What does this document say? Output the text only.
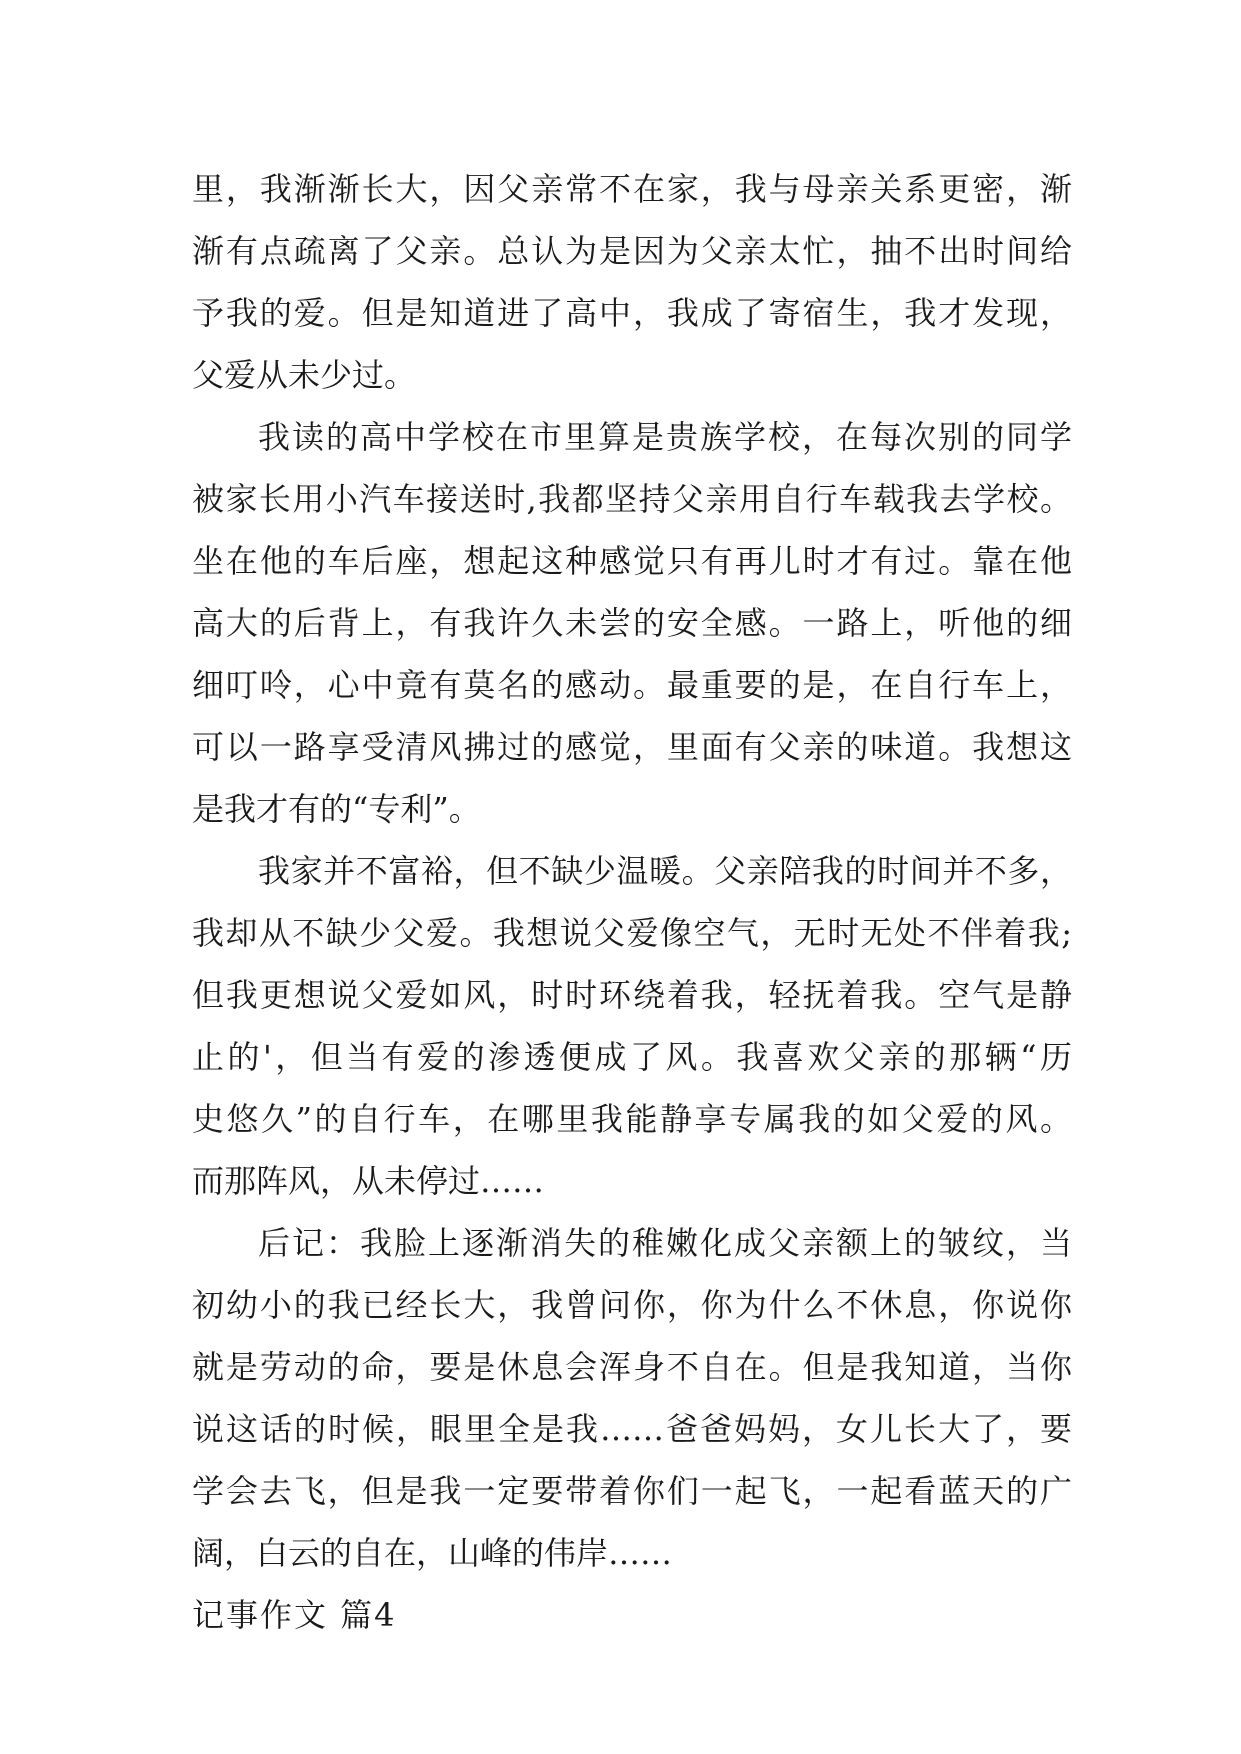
里，我渐渐长大，因父亲常不在家，我与母亲关系更密，渐
渐有点疏离了父亲。总认为是因为父亲太忙，抽不出时间给
予我的爱。但是知道进了高中，我成了寄宿生，我才发现，
父爱从未少过。
我读的高中学校在市里算是贵族学校，在每次别的同学
被家长用小汽车接送时,我都坚持父亲用自行车载我去学校。
坐在他的车后座，想起这种感觉只有再儿时才有过。靠在他
高大的后背上，有我许久未尝的安全感。一路上，听他的细
细叮呤，心中竟有莫名的感动。最重要的是，在自行车上，
可以一路享受清风拂过的感觉，里面有父亲的味道。我想这
是我才有的“专利”。
我家并不富裕，但不缺少温暖。父亲陪我的时间并不多，
我却从不缺少父爱。我想说父爱像空气，无时无处不伴着我;
但我更想说父爱如风，时时环绕着我，轻抚着我。空气是静
止的'，但当有爱的渗透便成了风。我喜欢父亲的那辆“历
史悠久”的自行车，在哪里我能静享专属我的如父爱的风。
而那阵风，从未停过……
后记：我脸上逐渐消失的稚嫩化成父亲额上的皱纹，当
初幼小的我已经长大，我曾问你，你为什么不休息，你说你
就是劳动的命，要是休息会浑身不自在。但是我知道，当你
说这话的时候，眼里全是我……爸爸妈妈，女儿长大了，要
学会去飞，但是我一定要带着你们一起飞，一起看蓝天的广
阔，白云的自在，山峰的伟岸……
记事作文 篇4
